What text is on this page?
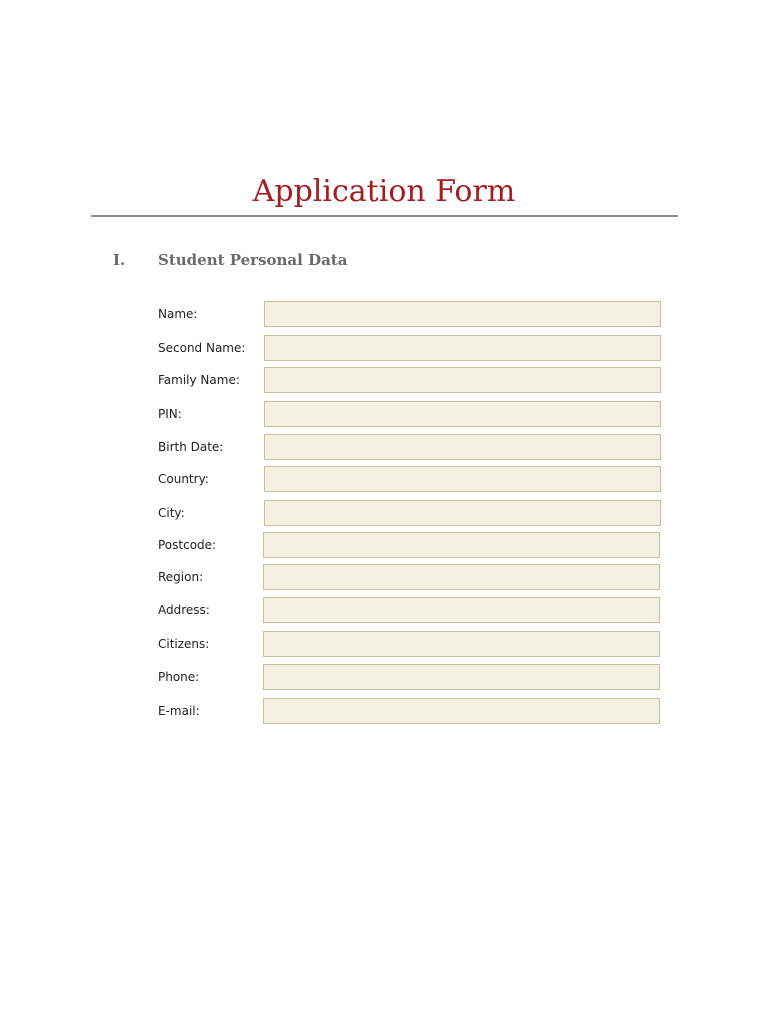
Application Form
I. Student Personal Data
Name:
Second Name:
Family Name:
PIN:
Birth Date:
Country:
City:
Postcode:
Region:
Address:
Citizens:
Phone:
E-mail:
